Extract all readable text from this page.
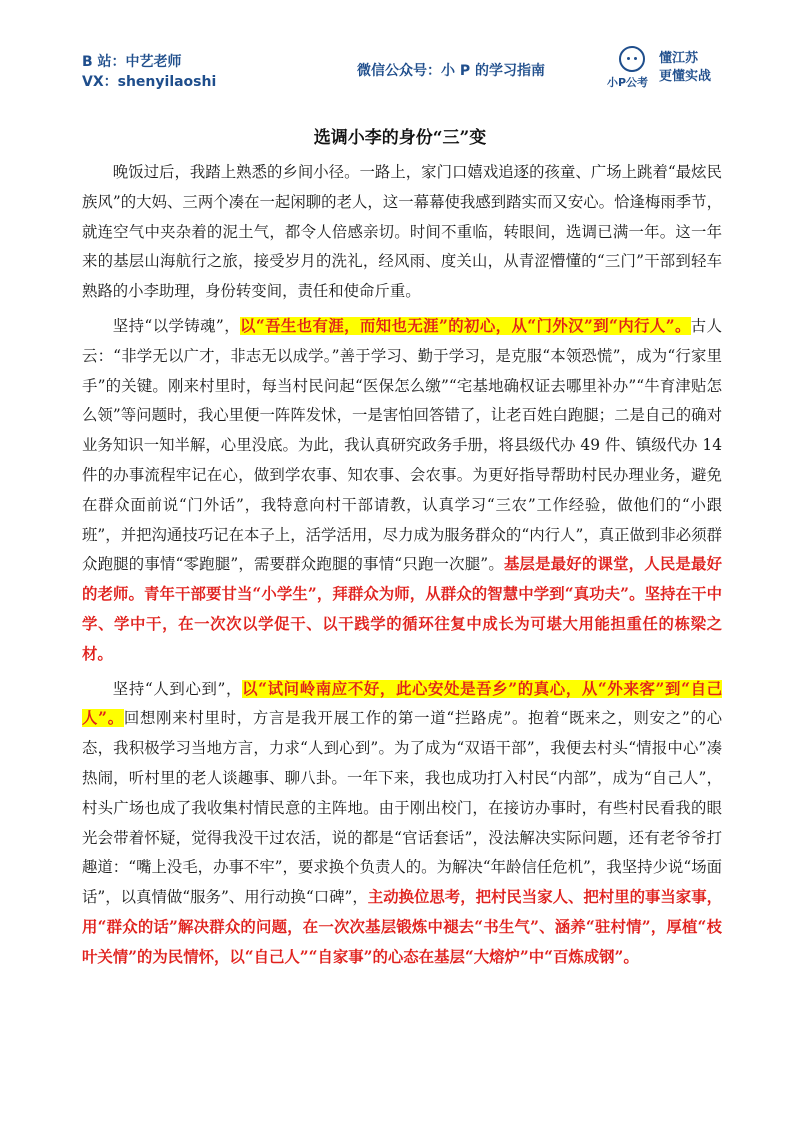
B 站：中艺老师
VX：shenyilaoshi
微信公众号：小 P 的学习指南
小P公考
懂江苏
更懂实战
选调小李的身份“三”变

晚饭过后，我踏上熟悉的乡间小径。一路上，家门口嬉戏追逐的孩童、广场上跳着“最炫民族风”的大妈、三两个凑在一起闲聊的老人，这一幕幕使我感到踏实而又安心。恰逢梅雨季节，就连空气中夹杂着的泥土气，都令人倍感亲切。时间不重临，转眼间，选调已满一年。这一年来的基层山海航行之旅，接受岁月的洗礼，经风雨、度关山，从青涩懵懂的“三门”干部到轻车熟路的小李助理，身份转变间，责任和使命斤重。

坚持“以学铸魂”，以“吾生也有涯，而知也无涯”的初心，从“门外汉”到“内行人”。古人云：“非学无以广才，非志无以成学。”善于学习、勤于学习，是克服“本领恐慌”，成为“行家里手”的关键。刚来村里时，每当村民问起“医保怎么缴”“宅基地确权证去哪里补办”“牛育津贴怎么领”等问题时，我心里便一阵阵发怵，一是害怕回答错了，让老百姓白跑腿；二是自己的确对业务知识一知半解，心里没底。为此，我认真研究政务手册，将县级代办 49 件、镇级代办 14 件的办事流程牢记在心，做到学农事、知农事、会农事。为更好指导帮助村民办理业务，避免在群众面前说“门外话”，我特意向村干部请教，认真学习“三农”工作经验，做他们的“小跟班”，并把沟通技巧记在本子上，活学活用，尽力成为服务群众的“内行人”，真正做到非必须群众跑腿的事情“零跑腿”，需要群众跑腿的事情“只跑一次腿”。基层是最好的课堂，人民是最好的老师。青年干部要甘当“小学生”，拜群众为师，从群众的智慧中学到“真功夫”。坚持在干中学、学中干，在一次次以学促干、以干践学的循环往复中成长为可堪大用能担重任的栋梁之材。

坚持“人到心到”，以“试问岭南应不好，此心安处是吾乡”的真心，从“外来客”到“自己人”。回想刚来村里时，方言是我开展工作的第一道“拦路虎”。抱着“既来之，则安之”的心态，我积极学习当地方言，力求“人到心到”。为了成为“双语干部”，我便去村头“情报中心”凑热闹，听村里的老人谈趣事、聊八卦。一年下来，我也成功打入村民“内部”，成为“自己人”，村头广场也成了我收集村情民意的主阵地。由于刚出校门，在接访办事时，有些村民看我的眼光会带着怀疑，觉得我没干过农活，说的都是“官话套话”，没法解决实际问题，还有老爷爷打趣道：“嘴上没毛，办事不牢”，要求换个负责人的。为解决“年龄信任危机”，我坚持少说“场面话”，以真情做“服务”、用行动换“口碑”，主动换位思考，把村民当家人、把村里的事当家事，用“群众的话”解决群众的问题，在一次次基层锻炼中褪去“书生气”、涵养“驻村情”，厚植“枝叶关情”的为民情怀，以“自己人”“自家事”的心态在基层“大熔炉”中“百炼成钢”。
